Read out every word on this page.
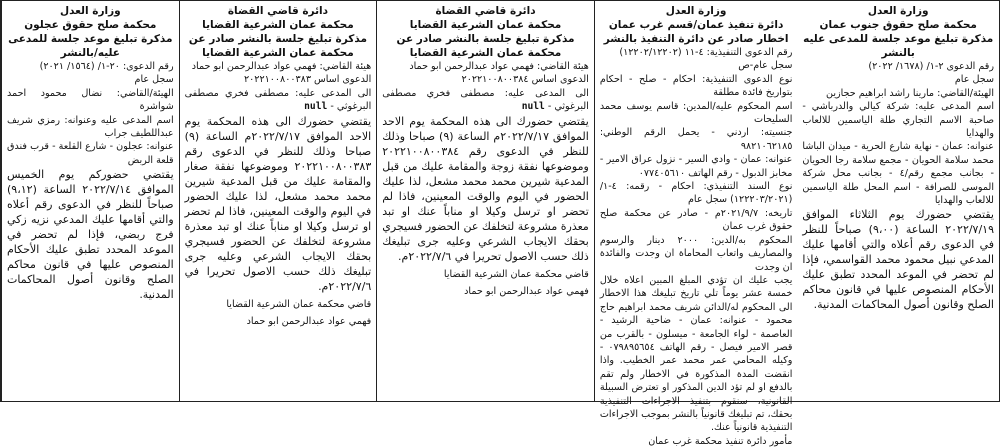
وزارة العدل
محكمة صلح حقوق عجلون
مذكرة تبليغ موعد جلسة للمدعى عليه/بالنشر

رقم الدعوى: ٢٠-١/ (١٥٦٤/ ٢٠٢١)

سجل عام

الهيئة/القاضي: نضال محمود احمد شواشرة

اسم المدعى عليه وعنوانه: رمزي شريف عبداللطيف جراب

عنوانه: عجلون - شارع القلعة - قرب فندق قلعة الربض

يقتضي حضوركم يوم الخميس الموافق ٢٠٢٢/٧/١٤ الساعة (٩،١٢) صباحاً للنظر في الدعوى رقم أعلاه والتي أقامها عليك المدعي نزيه زكي فرج ربضي، فإذا لم تحضر في الموعد المحدد تطبق عليك الأحكام المنصوص عليها في قانون محاكم الصلح وقانون أصول المحاكمات المدنية.

دائرة قاضي القضاة
محكمة عمان الشرعية القضايا
مذكرة تبليغ جلسة بالنشر صادر عن محكمة عمان الشرعية القضايا

هيئة القاضي: فهمي عواد عبدالرحمن ابو حماد

الدعوى اساس ٢٠٢٢١٠٠٨٠٠٣٨٣

الى المدعى عليه: مصطفى فخري مصطفى البرغوثي - null

يقتضي حضورك الى هذه المحكمة يوم الاحد الموافق ٢٠٢٢/٧/١٧م الساعة (٩) صباحا وذلك للنظر في الدعوى رقم ٢٠٢٢١٠٠٨٠٠٣٨٣ وموضوعها نفقة صغار والمقامة عليك من قبل المدعية شيرين محمد محمد مشعل، لذا عليك الحضور في اليوم والوقت المعينين، فاذا لم تحضر او ترسل وكيلا او مناباً عنك او تبد معذرة مشروعة لتخلفك عن الحضور فسيجري بحقك الايجاب الشرعي وعليه جرى تبليغك ذلك حسب الاصول تحريرا في ٢٠٢٢/٧/٦م.

قاضي محكمة عمان الشرعية القضايا

فهمي عواد عبدالرحمن ابو حماد

دائرة قاضي القضاة
محكمة عمان الشرعية القضايا
مذكرة تبليغ جلسة بالنشر صادر عن محكمة عمان الشرعية القضايا

هيئة القاضي: فهمي عواد عبدالرحمن ابو حماد

الدعوى اساس ٢٠٢٢١٠٠٨٠٠٣٨٤

الى المدعى عليه: مصطفى فخري مصطفى البرغوثي - null

يقتضي حضورك الى هذه المحكمة يوم الاحد الموافق ٢٠٢٢/٧/١٧م الساعة (٩) صباحا وذلك للنظر في الدعوى رقم ٢٠٢٢١٠٠٨٠٠٣٨٤ وموضوعها نفقة زوجة والمقامة عليك من قبل المدعية شيرين محمد محمد مشعل، لذا عليك الحضور في اليوم والوقت المعينين، فاذا لم تحضر او ترسل وكيلا او مناباً عنك او تبد معذرة مشروعة لتخلفك عن الحضور فسيجري بحقك الايجاب الشرعي وعليه جرى تبليغك ذلك حسب الاصول تحريرا في ٢٠٢٢/٧/٦م.

قاضي محكمة عمان الشرعية القضايا

فهمي عواد عبدالرحمن ابو حماد

وزارة العدل
دائرة تنفيذ عمان/قسم غرب عمان
اخطار صادر عن دائرة التنفيذ بالنشر

رقم الدعوى التنفيذية: ٤-١١ (١٢٢٠٢/١٢٢٠٢)

سجل عام-ص

نوع الدعوى التنفيذية: احكام - صلح - احكام بتواريخ فائدة مطلقة

اسم المحكوم عليه/المدين: قاسم يوسف محمد السليحات

جنسيته: اردني - يحمل الرقم الوطني: ٩٨٢١٠٦٢١٨٥

عنوانه: عمان - وادي السير - نزول عراق الامير - مخابز الدبول - رقم الهاتف ٠٧٧٤٠٥٦١٠

نوع السند التنفيذي: احكام - رقمه: ٤-١/ (١٢٢٢٠٣/٢٠٢١) سجل عام

تاريخه: ٢٠٢١/٩/٧م - صادر عن محكمة صلح حقوق غرب عمان

المحكوم به/الدين: ٢٠٠٠ دينار والرسوم والمصاريف واتعاب المحاماة ان وجدت والفائدة ان وجدت

يجب عليك ان تؤدي المبلغ المبين اعلاه خلال خمسة عشر يوماً تلي تاريخ تبليغك هذا الاخطار الى المحكوم له/الدائن شريف محمد ابراهيم حاج محمود - عنوانه: عمان - ضاحية الرشيد - العاصمة - لواء الجامعة - ميسلون - بالقرب من قصر الامير فيصل - رقم الهاتف ٠٧٩٨٩٥٦٥٤ - وكيله المحامي عمر محمد عمر الخطيب. واذا انقضت المدة المذكورة في الاخطار ولم تقم بالدفع او لم تؤد الدين المذكور او تعترض السبيلة القانونية، سنقوم بتنفيذ الاجراءات التنفيذية بحقك، تم تبليغك قانونياً بالنشر بموجب الاجراءات التنفيذية قانونياً عنك.

مأمور دائرة تنفيذ محكمة غرب عمان

وزارة العدل
محكمة صلح حقوق جنوب عمان
مذكرة تبليغ موعد جلسة للمدعى عليه بالنشر

رقم الدعوى ٢-١/ (١٦٧٨/ ٢٠٢٢)

سجل عام

الهيئة/القاضي: مارينا راشد ابراهيم حجازين

اسم المدعى عليه: شركة كيالي والدرباشي - صاحبة الاسم التجاري طلة الياسمين للالعاب والهدايا

عنوانه: عمان - نهاية شارع الحرية - ميدان الباشا محمد سلامة الحويان - مجمع سلامة رجا الحويان - بجانب مجمع رقم/٤ - بجانب محل شركة الموسى للصرافة - اسم المحل طلة الياسمين للالعاب والهدايا

يقتضي حضورك يوم الثلاثاء الموافق ٢٠٢٢/٧/١٩ الساعة (٩،٠٠) صباحاً للنظر في الدعوى رقم أعلاه والتي أقامها عليك المدعي نبيل محمود محمد القواسمي، فإذا لم تحضر في الموعد المحدد تطبق عليك الأحكام المنصوص عليها في قانون محاكم الصلح وقانون أصول المحاكمات المدنية.
